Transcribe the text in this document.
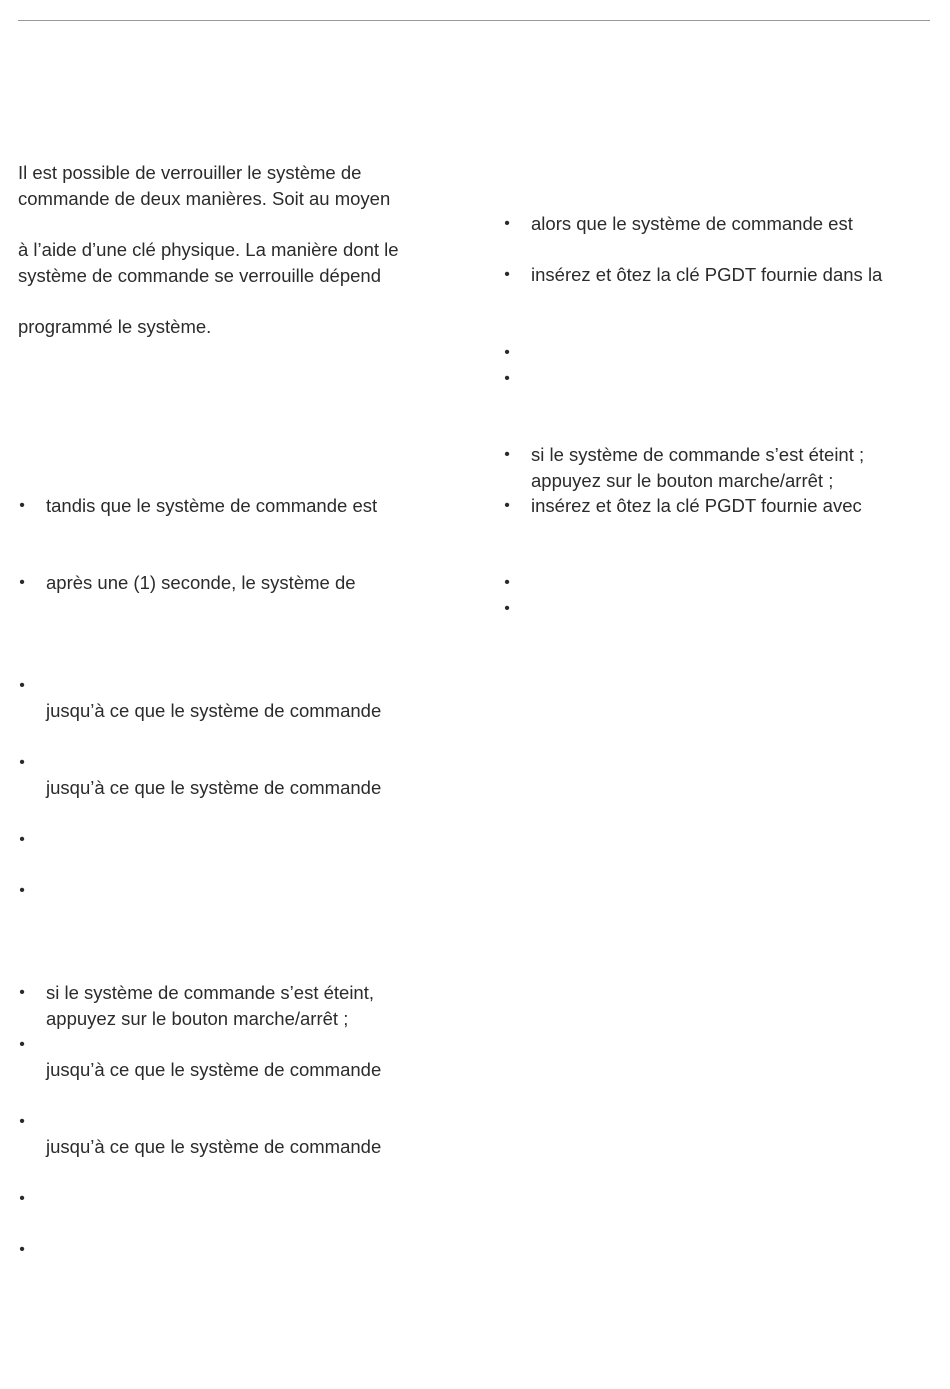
Il est possible de verrouiller le système de
commande de deux manières. Soit au moyen
à l’aide d’une clé physique. La manière dont le
système de commande se verrouille dépend
programmé le système.
•	tandis que le système de commande est
•	après une (1) seconde, le système de
•
jusqu’à ce que le système de commande
•
jusqu’à ce que le système de commande
•
•
•	si le système de commande s’est éteint,
appuyez sur le bouton marche/arrêt ;
•
jusqu’à ce que le système de commande
•
jusqu’à ce que le système de commande
•
•
•	alors que le système de commande est
•	insérez et ôtez la clé PGDT fournie dans la
•
•
•	si le système de commande s’est éteint ;
appuyez sur le bouton marche/arrêt ;
•	insérez et ôtez la clé PGDT fournie avec
•
•
